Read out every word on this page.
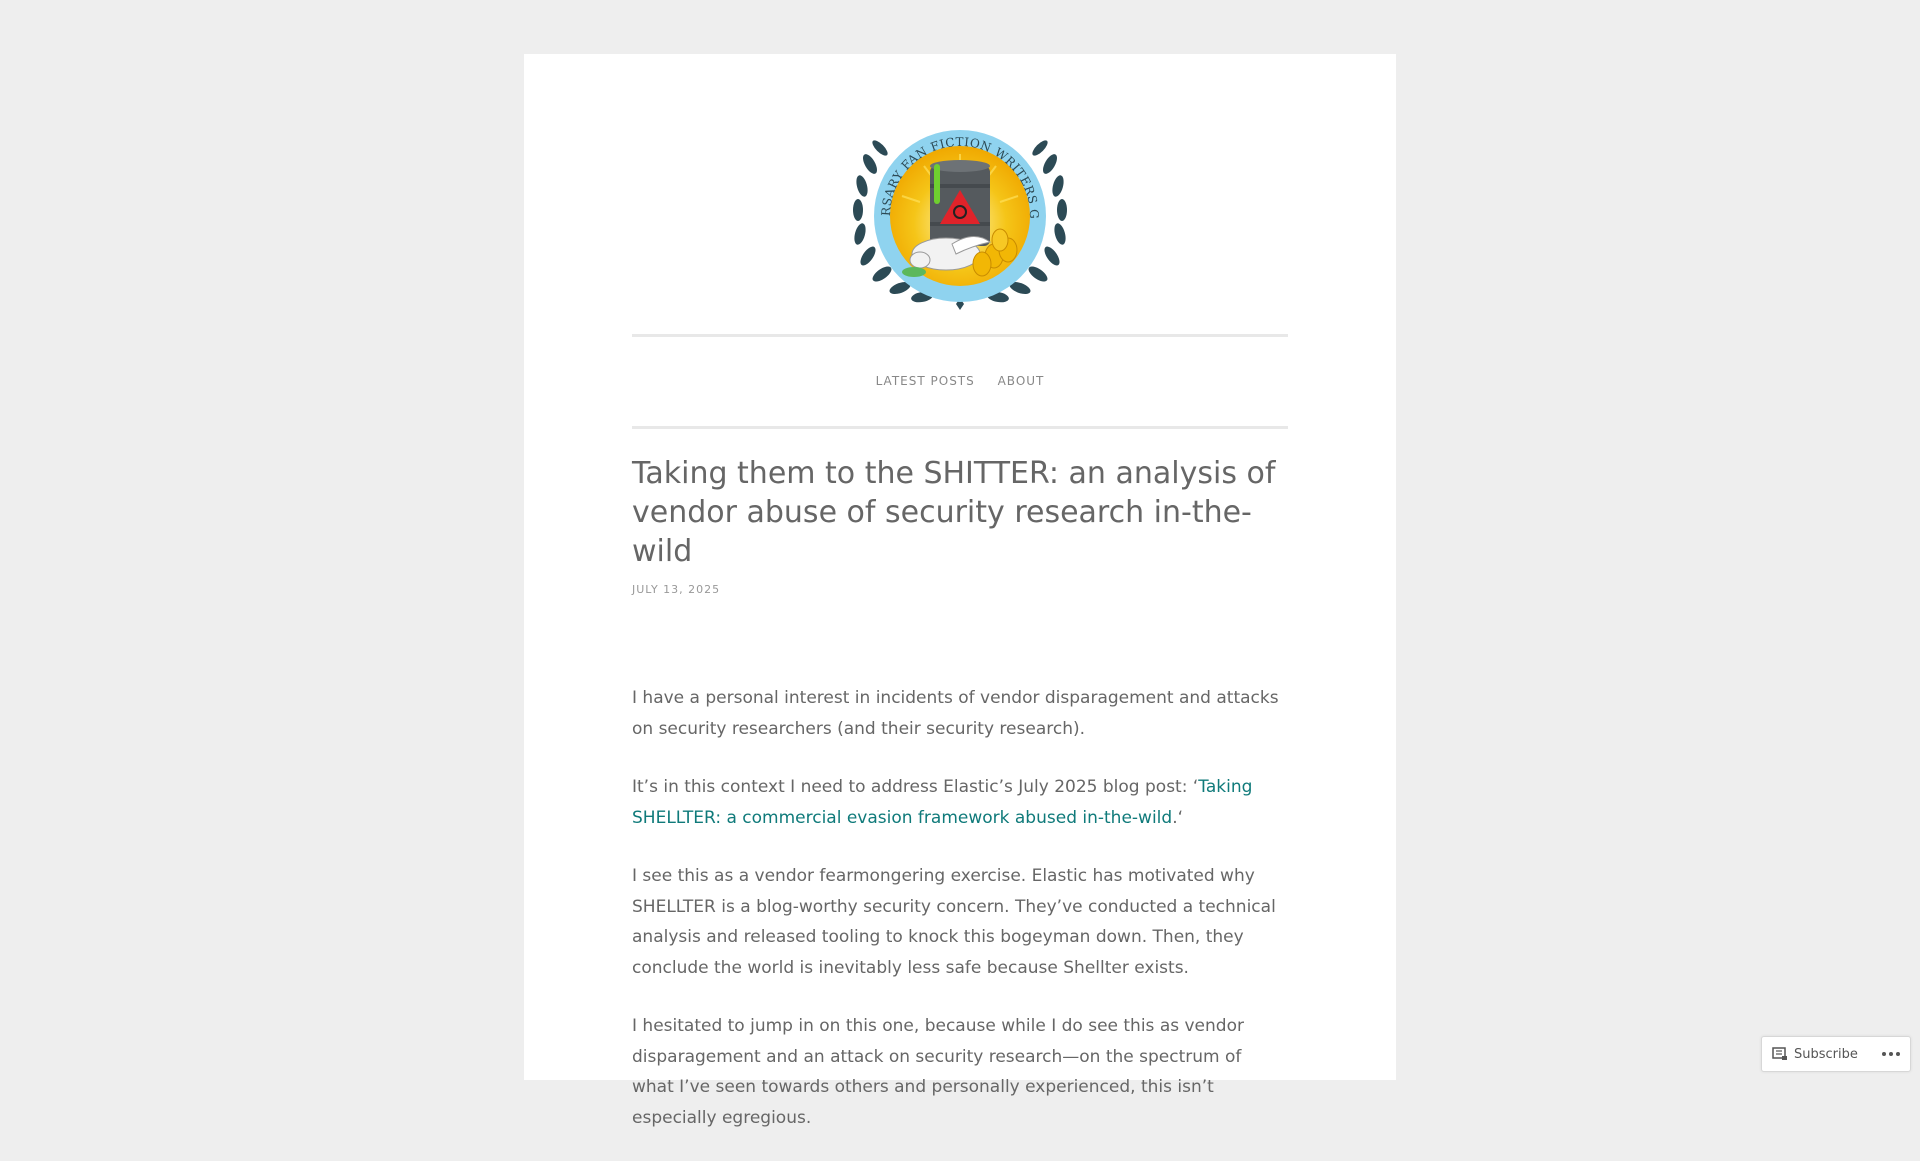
RSARY FAN FICTION WRITERS G
LATEST POSTS ABOUT
Taking them to the SHITTER: an analysis of vendor abuse of security research in-the-wild
JULY 13, 2025

I have a personal interest in incidents of vendor disparagement and attacks on security researchers (and their security research).

It’s in this context I need to address Elastic’s July 2025 blog post: ‘Taking SHELLTER: a commercial evasion framework abused in-the-wild.‘

I see this as a vendor fearmongering exercise. Elastic has motivated why SHELLTER is a blog-worthy security concern. They’ve conducted a technical analysis and released tooling to knock this bogeyman down. Then, they conclude the world is inevitably less safe because Shellter exists.

I hesitated to jump in on this one, because while I do see this as vendor disparagement and an attack on security research—on the spectrum of what I’ve seen towards others and personally experienced, this isn’t especially egregious.

Subscribe
